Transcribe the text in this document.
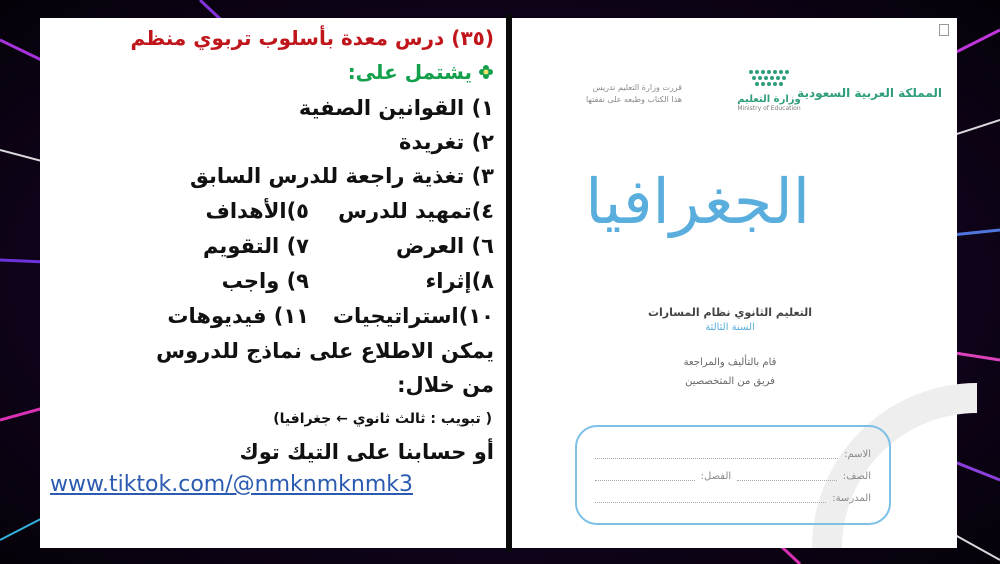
(٣٥) درس معدة بأسلوب تربوي منظم
يشتمل على:
١) القوانين الصفية
٢) تغريدة
٣) تغذية راجعة للدرس السابق
٤)تمهيد للدرس
٥)الأهداف
٦) العرض
٧) التقويم
٨)إثراء
٩) واجب
١٠)استراتيجيات
١١) فيديوهات
يمكن الاطلاع على نماذج للدروس
من خلال:
( تبويب : ثالث ثانوي ← جغرافيا)
أو حسابنا على التيك توك
www.tiktok.com/@nmknmknmk3
المملكة العربية السعودية
وزارة التعليم
Ministry of Education
قررت وزارة التعليم تدريس
هذا الكتاب وطبعه على نفقتها
الجغرافيا
التعليم الثانوي نظام المسارات
السنة الثالثة
قام بالتأليف والمراجعة
فريق من المتخصصين
الاسم:
الصف:
الفصل:
المدرسة:
